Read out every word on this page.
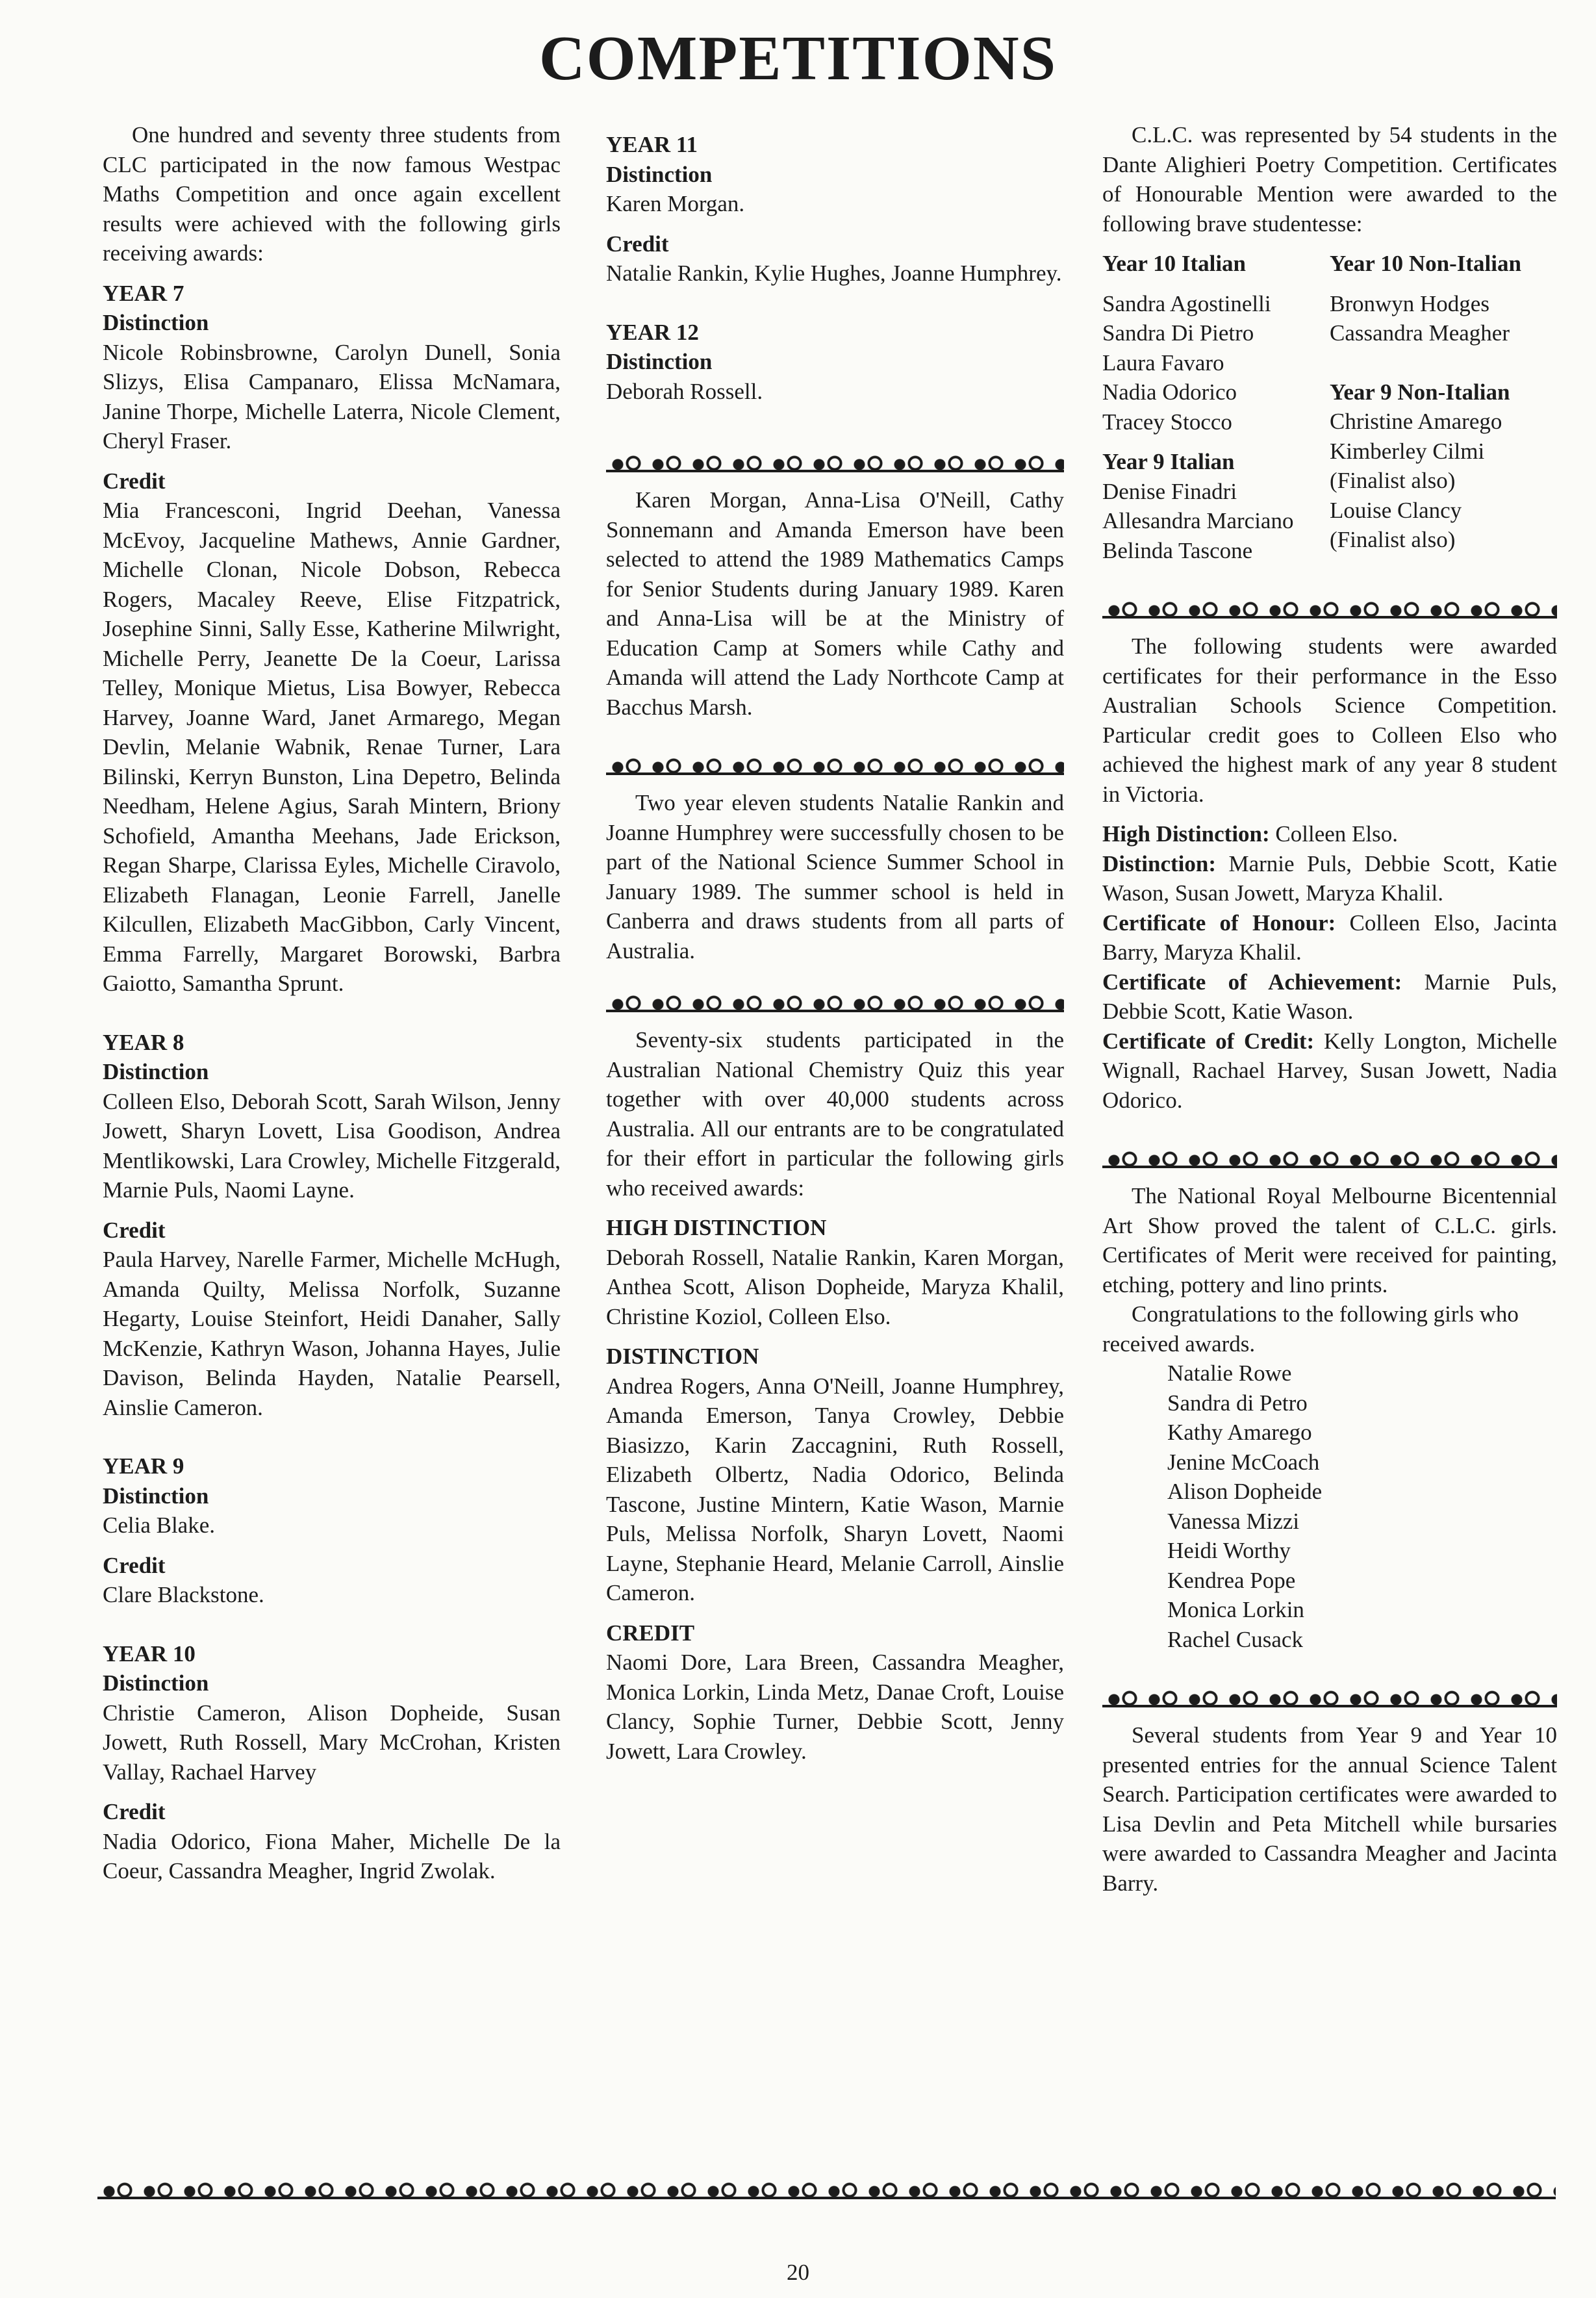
COMPETITIONS

One hundred and seventy three students from CLC participated in the now famous Westpac Maths Competition and once again excellent results were achieved with the following girls receiving awards:

YEAR 7

Distinction

Nicole Robinsbrowne, Carolyn Dunell, Sonia Slizys, Elisa Campanaro, Elissa McNamara, Janine Thorpe, Michelle Laterra, Nicole Clement, Cheryl Fraser.

Credit

Mia Francesconi, Ingrid Deehan, Vanessa McEvoy, Jacqueline Mathews, Annie Gardner, Michelle Clonan, Nicole Dobson, Rebecca Rogers, Macaley Reeve, Elise Fitzpatrick, Josephine Sinni, Sally Esse, Katherine Milwright, Michelle Perry, Jeanette De la Coeur, Larissa Telley, Monique Mietus, Lisa Bowyer, Rebecca Harvey, Joanne Ward, Janet Armarego, Megan Devlin, Melanie Wabnik, Renae Turner, Lara Bilinski, Kerryn Bunston, Lina Depetro, Belinda Needham, Helene Agius, Sarah Mintern, Briony Schofield, Amantha Meehans, Jade Erickson, Regan Sharpe, Clarissa Eyles, Michelle Ciravolo, Elizabeth Flanagan, Leonie Farrell, Janelle Kilcullen, Elizabeth MacGibbon, Carly Vincent, Emma Farrelly, Margaret Borowski, Barbra Gaiotto, Samantha Sprunt.

YEAR 8

Distinction

Colleen Elso, Deborah Scott, Sarah Wilson, Jenny Jowett, Sharyn Lovett, Lisa Goodison, Andrea Mentlikowski, Lara Crowley, Michelle Fitzgerald, Marnie Puls, Naomi Layne.

Credit

Paula Harvey, Narelle Farmer, Michelle McHugh, Amanda Quilty, Melissa Norfolk, Suzanne Hegarty, Louise Steinfort, Heidi Danaher, Sally McKenzie, Kathryn Wason, Johanna Hayes, Julie Davison, Belinda Hayden, Natalie Pearsell, Ainslie Cameron.

YEAR 9

Distinction

Celia Blake.

Credit

Clare Blackstone.

YEAR 10

Distinction

Christie Cameron, Alison Dopheide, Susan Jowett, Ruth Rossell, Mary McCrohan, Kristen Vallay, Rachael Harvey

Credit

Nadia Odorico, Fiona Maher, Michelle De la Coeur, Cassandra Meagher, Ingrid Zwolak.

YEAR 11

Distinction

Karen Morgan.

Credit

Natalie Rankin, Kylie Hughes, Joanne Humphrey.

YEAR 12

Distinction

Deborah Rossell.

Karen Morgan, Anna-Lisa O'Neill, Cathy Sonnemann and Amanda Emerson have been selected to attend the 1989 Mathematics Camps for Senior Students during January 1989. Karen and Anna-Lisa will be at the Ministry of Education Camp at Somers while Cathy and Amanda will attend the Lady Northcote Camp at Bacchus Marsh.

Two year eleven students Natalie Rankin and Joanne Humphrey were successfully chosen to be part of the National Science Summer School in January 1989. The summer school is held in Canberra and draws students from all parts of Australia.

Seventy-six students participated in the Australian National Chemistry Quiz this year together with over 40,000 students across Australia. All our entrants are to be congratulated for their effort in particular the following girls who received awards:

HIGH DISTINCTION

Deborah Rossell, Natalie Rankin, Karen Morgan, Anthea Scott, Alison Dopheide, Maryza Khalil, Christine Koziol, Colleen Elso.

DISTINCTION

Andrea Rogers, Anna O'Neill, Joanne Humphrey, Amanda Emerson, Tanya Crowley, Debbie Biasizzo, Karin Zaccagnini, Ruth Rossell, Elizabeth Olbertz, Nadia Odorico, Belinda Tascone, Justine Mintern, Katie Wason, Marnie Puls, Melissa Norfolk, Sharyn Lovett, Naomi Layne, Stephanie Heard, Melanie Carroll, Ainslie Cameron.

CREDIT

Naomi Dore, Lara Breen, Cassandra Meagher, Monica Lorkin, Linda Metz, Danae Croft, Louise Clancy, Sophie Turner, Debbie Scott, Jenny Jowett, Lara Crowley.

C.L.C. was represented by 54 students in the Dante Alighieri Poetry Competition. Certificates of Honourable Mention were awarded to the following brave studentesse:

Year 10 Italian

Sandra Agostinelli

Sandra Di Pietro

Laura Favaro

Nadia Odorico

Tracey Stocco

Year 9 Italian

Denise Finadri

Allesandra Marciano

Belinda Tascone

Year 10 Non-Italian

Bronwyn Hodges

Cassandra Meagher

Year 9 Non-Italian

Christine Amarego

Kimberley Cilmi

(Finalist also)

Louise Clancy

(Finalist also)

The following students were awarded certificates for their performance in the Esso Australian Schools Science Competition. Particular credit goes to Colleen Elso who achieved the highest mark of any year 8 student in Victoria.

High Distinction: Colleen Elso.

Distinction: Marnie Puls, Debbie Scott, Katie Wason, Susan Jowett, Maryza Khalil.

Certificate of Honour: Colleen Elso, Jacinta Barry, Maryza Khalil.

Certificate of Achievement: Marnie Puls, Debbie Scott, Katie Wason.

Certificate of Credit: Kelly Longton, Michelle Wignall, Rachael Harvey, Susan Jowett, Nadia Odorico.

The National Royal Melbourne Bicentennial Art Show proved the talent of C.L.C. girls. Certificates of Merit were received for painting, etching, pottery and lino prints.

Congratulations to the following girls who received awards.

Natalie Rowe

Sandra di Petro

Kathy Amarego

Jenine McCoach

Alison Dopheide

Vanessa Mizzi

Heidi Worthy

Kendrea Pope

Monica Lorkin

Rachel Cusack

Several students from Year 9 and Year 10 presented entries for the annual Science Talent Search. Participation certificates were awarded to Lisa Devlin and Peta Mitchell while bursaries were awarded to Cassandra Meagher and Jacinta Barry.

20
